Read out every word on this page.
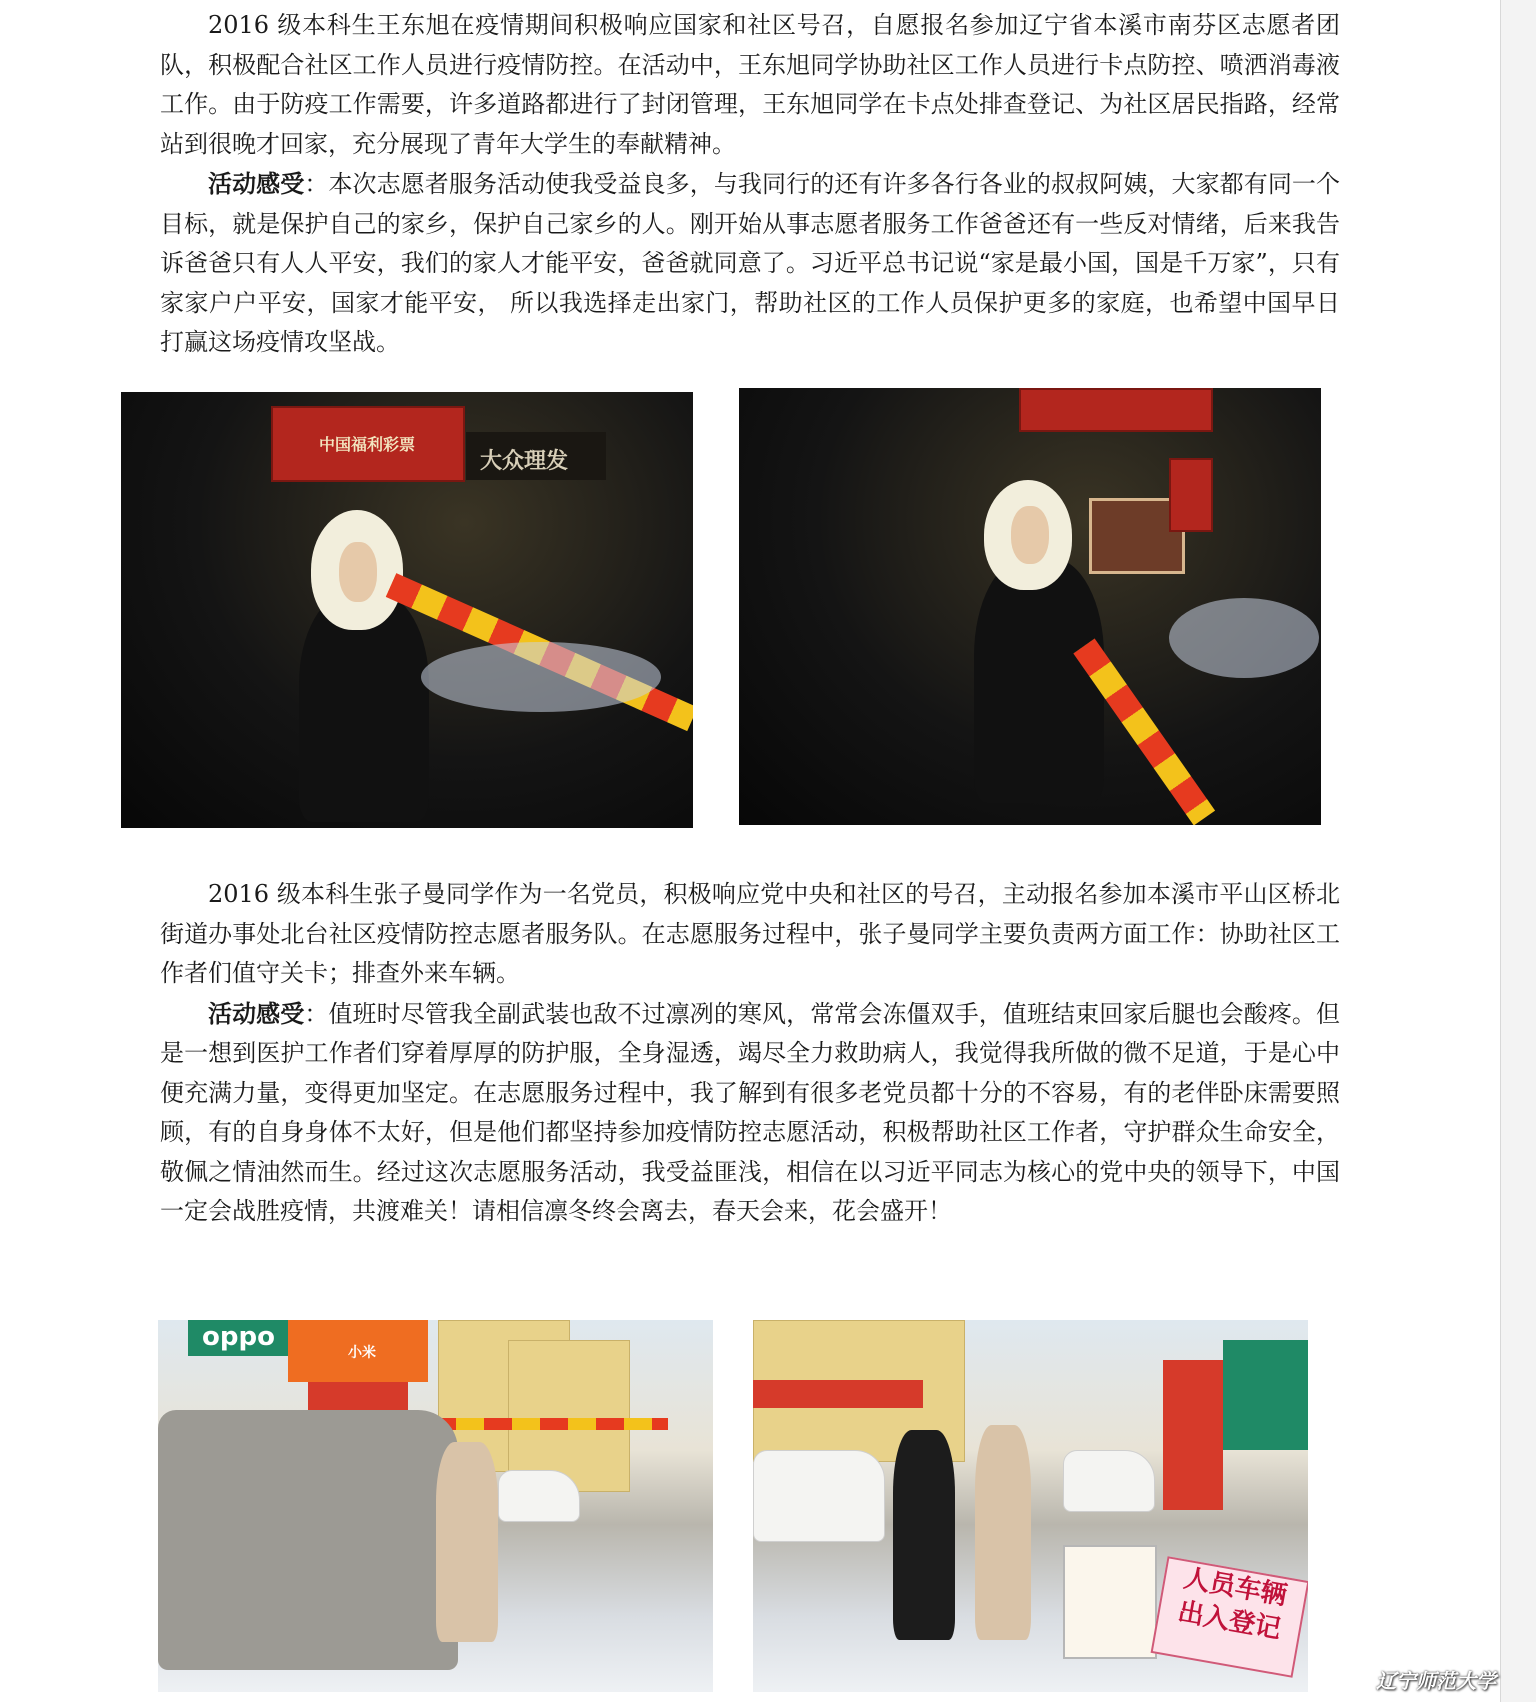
2016 级本科生王东旭在疫情期间积极响应国家和社区号召，自愿报名参加辽宁省本溪市南芬区志愿者团队，积极配合社区工作人员进行疫情防控。在活动中，王东旭同学协助社区工作人员进行卡点防控、喷洒消毒液工作。由于防疫工作需要，许多道路都进行了封闭管理，王东旭同学在卡点处排查登记、为社区居民指路，经常站到很晚才回家，充分展现了青年大学生的奉献精神。

活动感受：本次志愿者服务活动使我受益良多，与我同行的还有许多各行各业的叔叔阿姨，大家都有同一个目标，就是保护自己的家乡，保护自己家乡的人。刚开始从事志愿者服务工作爸爸还有一些反对情绪，后来我告诉爸爸只有人人平安，我们的家人才能平安，爸爸就同意了。习近平总书记说“家是最小国，国是千万家”，只有家家户户平安，国家才能平安， 所以我选择走出家门，帮助社区的工作人员保护更多的家庭，也希望中国早日打赢这场疫情攻坚战。

中国福利彩票
大众理发

2016 级本科生张子曼同学作为一名党员，积极响应党中央和社区的号召，主动报名参加本溪市平山区桥北街道办事处北台社区疫情防控志愿者服务队。在志愿服务过程中，张子曼同学主要负责两方面工作：协助社区工作者们值守关卡；排查外来车辆。

活动感受：值班时尽管我全副武装也敌不过凛冽的寒风，常常会冻僵双手，值班结束回家后腿也会酸疼。但是一想到医护工作者们穿着厚厚的防护服，全身湿透，竭尽全力救助病人，我觉得我所做的微不足道，于是心中便充满力量，变得更加坚定。在志愿服务过程中，我了解到有很多老党员都十分的不容易，有的老伴卧床需要照顾，有的自身身体不太好，但是他们都坚持参加疫情防控志愿活动，积极帮助社区工作者，守护群众生命安全，敬佩之情油然而生。经过这次志愿服务活动，我受益匪浅，相信在以习近平同志为核心的党中央的领导下，中国一定会战胜疫情，共渡难关！请相信凛冬终会离去，春天会来，花会盛开！

oppo
小米
人员车辆
出入登记
辽宁师范大学
